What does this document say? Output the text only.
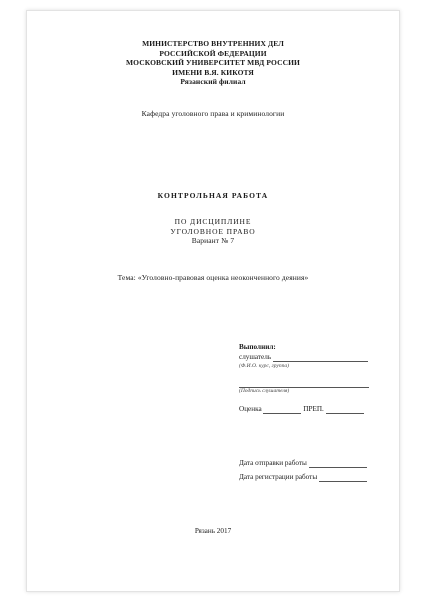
МИНИСТЕРСТВО ВНУТРЕННИХ ДЕЛ
РОССИЙСКОЙ ФЕДЕРАЦИИ
МОСКОВСКИЙ УНИВЕРСИТЕТ МВД РОССИИ
ИМЕНИ В.Я. КИКОТЯ
Рязанский филиал
Кафедра уголовного права и криминологии
КОНТРОЛЬНАЯ РАБОТА
ПО ДИСЦИПЛИНЕ
УГОЛОВНОЕ ПРАВО
Вариант № 7
Тема: «Уголовно-правовая оценка неоконченного деяния»
Выполнил:
слушатель
(Ф.И.О. курс, группа)
(Подпись слушателя)
Оценка	ПРЕП.
Дата отправки работы
Дата регистрации работы
Рязань 2017
